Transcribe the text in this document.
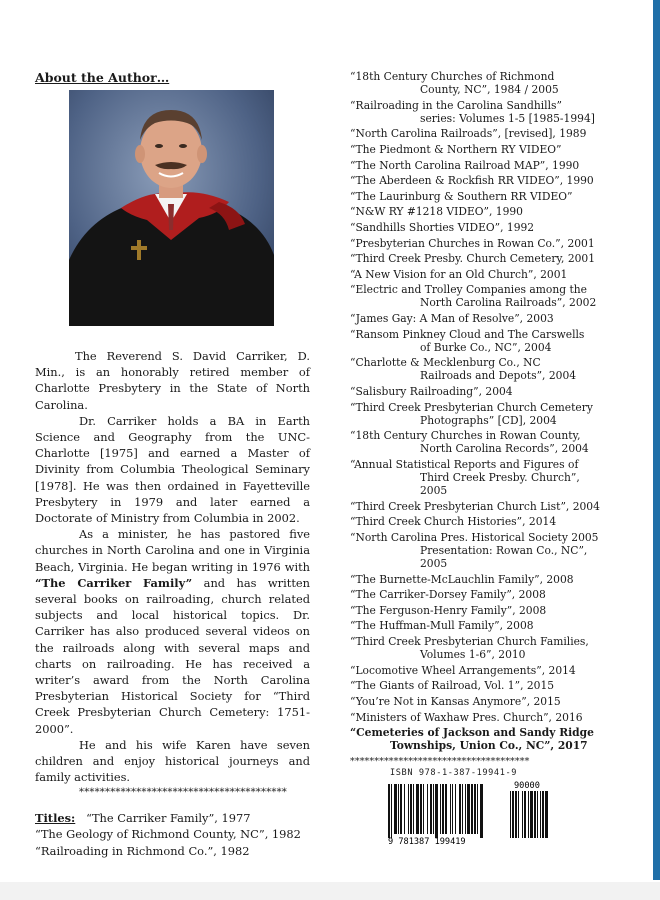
About the Author…

The Reverend S. David Carriker, D. Min., is an honorably retired member of Charlotte Presbytery in the State of North Carolina.

Dr. Carriker holds a BA in Earth Science and Geography from the UNC-Charlotte [1975] and earned a Master of Divinity from Columbia Theological Seminary [1978]. He was then ordained in Fayetteville Presbytery in 1979 and later earned a Doctorate of Ministry from Columbia in 2002.

As a minister, he has pastored five churches in North Carolina and one in Virginia Beach, Virginia. He began writing in 1976 with “The Carriker Family” and has written several books on railroading, church related subjects and local historical topics. Dr. Carriker has also produced several videos on the railroads along with several maps and charts on railroading. He has received a writer’s award from the North Carolina Presbyterian Historical Society for “Third Creek Presbyterian Church Cemetery: 1751-2000”.

He and his wife Karen have seven children and enjoy historical journeys and family activities.

****************************************

Titles: “The Carriker Family”, 1977
“The Geology of Richmond County, NC”, 1982
“Railroading in Richmond Co.”, 1982
“18th Century Churches of Richmond
County, NC”, 1984 / 2005
“Railroading in the Carolina Sandhills”
series: Volumes 1-5 [1985-1994]
“North Carolina Railroads”, [revised], 1989
“The Piedmont & Northern RY VIDEO”
“The North Carolina Railroad MAP”, 1990
“The Aberdeen & Rockfish RR VIDEO”, 1990
“The Laurinburg & Southern RR VIDEO”
“N&W RY #1218 VIDEO”, 1990
“Sandhills Shorties VIDEO”, 1992
“Presbyterian Churches in Rowan Co.”, 2001
“Third Creek Presby. Church Cemetery, 2001
“A New Vision for an Old Church”, 2001
“Electric and Trolley Companies among the
North Carolina Railroads”, 2002
“James Gay: A Man of Resolve”, 2003
“Ransom Pinkney Cloud and The Carswells
of Burke Co., NC”, 2004
“Charlotte & Mecklenburg Co., NC
Railroads and Depots”, 2004
“Salisbury Railroading”, 2004
“Third Creek Presbyterian Church Cemetery
Photographs” [CD], 2004
“18th Century Churches in Rowan County,
North Carolina Records”, 2004
“Annual Statistical Reports and Figures of
Third Creek Presby. Church”, 2005
“Third Creek Presbyterian Church List”, 2004
“Third Creek Church Histories”, 2014
“North Carolina Pres. Historical Society 2005
Presentation: Rowan Co., NC”, 2005
“The Burnette-McLauchlin Family”, 2008
“The Carriker-Dorsey Family”, 2008
“The Ferguson-Henry Family”, 2008
“The Huffman-Mull Family”, 2008
“Third Creek Presbyterian Church Families,
Volumes 1-6”, 2010
“Locomotive Wheel Arrangements”, 2014
“The Giants of Railroad, Vol. 1”, 2015
“You’re Not in Kansas Anymore”, 2015
“Ministers of Waxhaw Pres. Church”, 2016
“Cemeteries of Jackson and Sandy Ridge
Townships, Union Co., NC”, 2017
*************************************
ISBN 978-1-387-19941-9
9 781387 199419
90000
